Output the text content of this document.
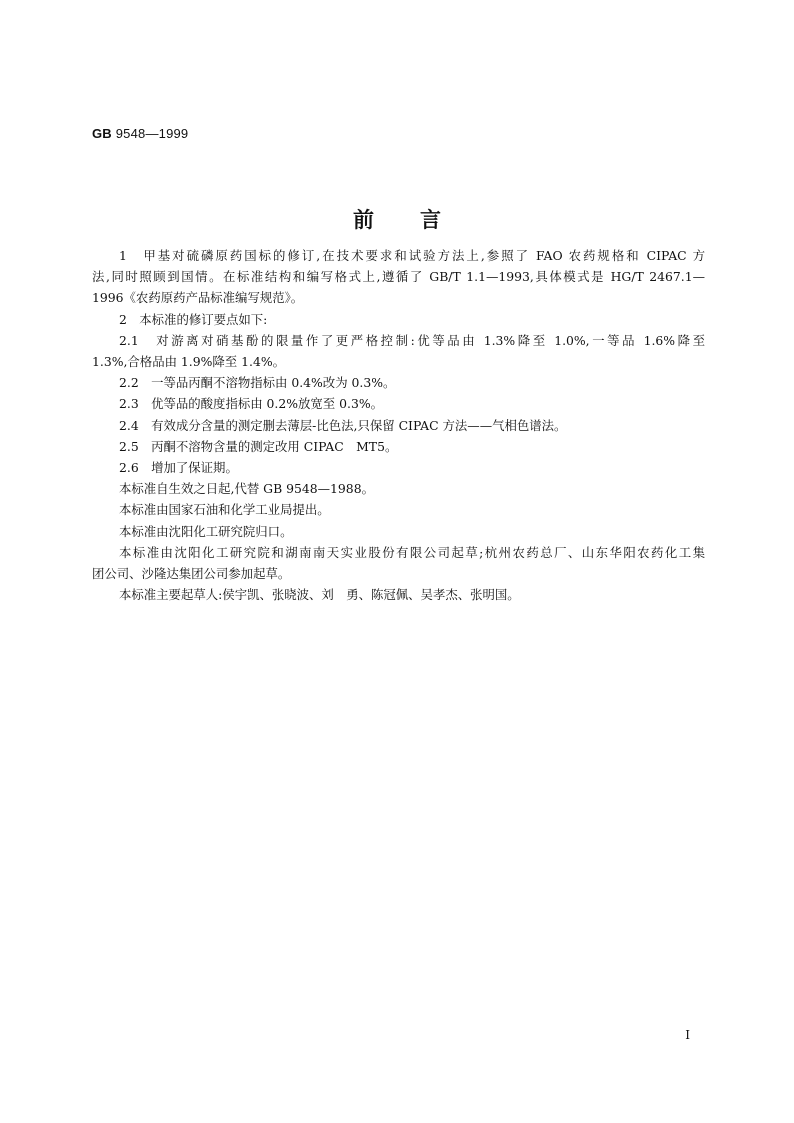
GB 9548—1999
前言
1　甲基对硫磷原药国标的修订,在技术要求和试验方法上,参照了 FAO 农药规格和 CIPAC 方
法,同时照顾到国情。在标准结构和编写格式上,遵循了 GB/T 1.1—1993,具体模式是 HG/T 2467.1—
1996《农药原药产品标准编写规范》。
2　本标准的修订要点如下:
2.1　对游离对硝基酚的限量作了更严格控制:优等品由 1.3%降至 1.0%,一等品 1.6%降至
1.3%,合格品由 1.9%降至 1.4%。
2.2　一等品丙酮不溶物指标由 0.4%改为 0.3%。
2.3　优等品的酸度指标由 0.2%放宽至 0.3%。
2.4　有效成分含量的测定删去薄层-比色法,只保留 CIPAC 方法——气相色谱法。
2.5　丙酮不溶物含量的测定改用 CIPAC　MT5。
2.6　增加了保证期。
本标准自生效之日起,代替 GB 9548—1988。
本标准由国家石油和化学工业局提出。
本标准由沈阳化工研究院归口。
本标准由沈阳化工研究院和湖南南天实业股份有限公司起草;杭州农药总厂、山东华阳农药化工集
团公司、沙隆达集团公司参加起草。
本标准主要起草人:侯宇凯、张晓波、刘　勇、陈冠佩、吴孝杰、张明国。
I
